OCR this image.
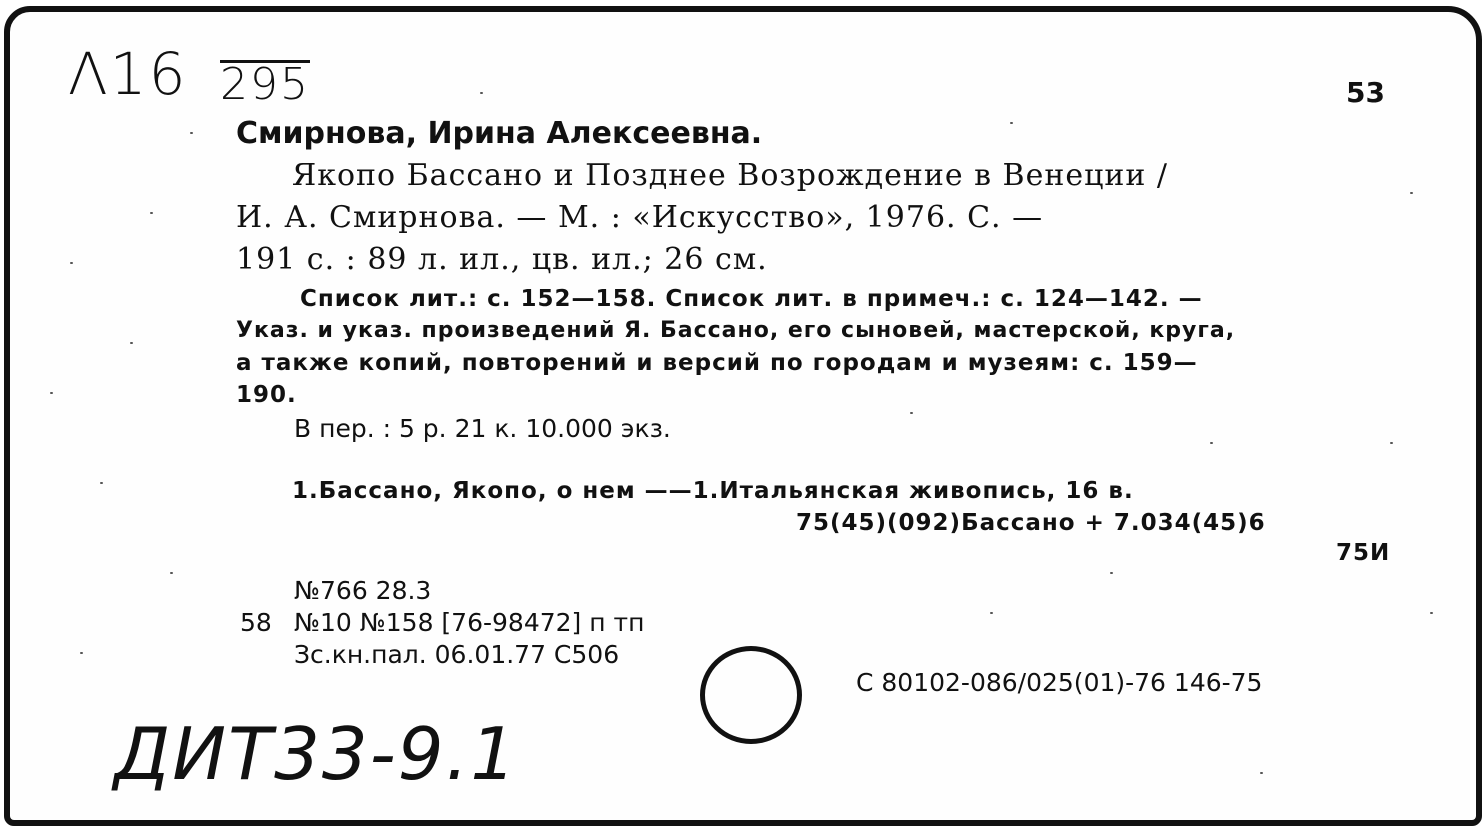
Λ16 295	53
Смирнова, Ирина Алексеевна.
Якопо Бассано и Позднее Возрождение в Венеции /
И. А. Смирнова. — М. : «Искусство», 1976. С. —
191 с. : 89 л. ил., цв. ил.; 26 см.
Список лит.: с. 152—158. Список лит. в примеч.: с. 124—142. —
Указ. и указ. произведений Я. Бассано, его сыновей, мастерской, круга,
а также копий, повторений и версий по городам и музеям: с. 159—
190.
В пер. : 5 р. 21 к. 10.000 экз.
1.Бассано, Якопо, о нем ——1.Итальянская живопись, 16 в.
75(45)(092)Бассано + 7.034(45)6
75И
№766 28.3
58 №10 №158 [76-98472] п тп
Зс.кн.пал. 06.01.77 С506
С 80102-086/025(01)-76 146-75
ДИТ33-9.1
